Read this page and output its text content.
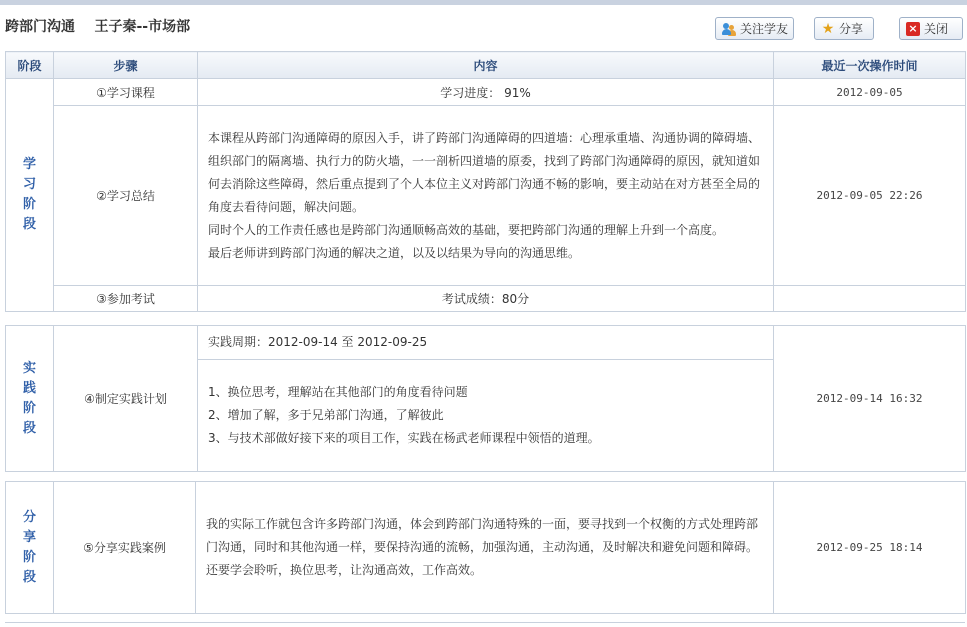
跨部门沟通    王子秦--市场部	关注学友 ★ 分享	× 关闭
阶段	步骤	内容	最近一次操作时间
学
习
阶
段	①学习课程	学习进度： 91%	2012-09-05
	②学习总结	本课程从跨部门沟通障碍的原因入手，讲了跨部门沟通障碍的四道墙：心理承重墙、沟通协调的障碍墙、组织部门的隔离墙、执行力的防火墙，一一剖析四道墙的原委，找到了跨部门沟通障碍的原因，就知道如何去消除这些障碍，然后重点提到了个人本位主义对跨部门沟通不畅的影响，要主动站在对方甚至全局的角度去看待问题，解决问题。
同时个人的工作责任感也是跨部门沟通顺畅高效的基础，要把跨部门沟通的理解上升到一个高度。
最后老师讲到跨部门沟通的解决之道，以及以结果为导向的沟通思维。	2012-09-05 22:26
	③参加考试	考试成绩：80分	
实
践
阶
段	④制定实践计划	实践周期：2012-09-14 至 2012-09-25	2012-09-14 16:32

1、换位思考，理解站在其他部门的角度看待问题
2、增加了解，多于兄弟部门沟通，了解彼此
3、与技术部做好接下来的项目工作，实践在杨武老师课程中领悟的道理。
分
享
阶
段	⑤分享实践案例	我的实际工作就包含许多跨部门沟通，体会到跨部门沟通特殊的一面，要寻找到一个权衡的方式处理跨部门沟通，同时和其他沟通一样，要保持沟通的流畅，加强沟通，主动沟通，及时解决和避免问题和障碍。还要学会聆听，换位思考，让沟通高效，工作高效。	2012-09-25 18:14
